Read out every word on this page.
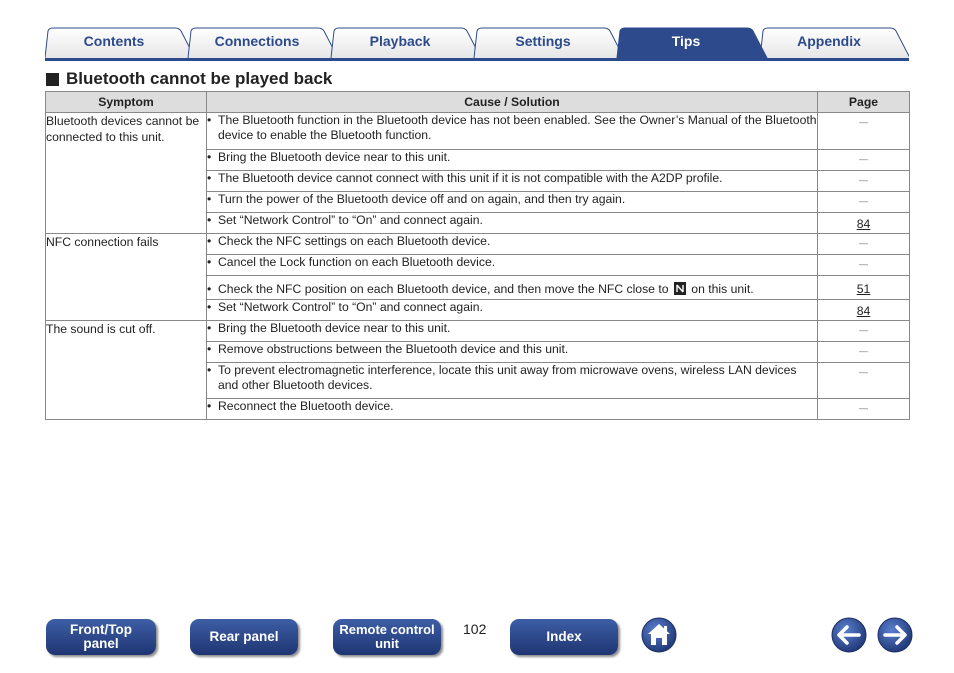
Contents	Connections	Playback	Settings	Tips	Appendix
Bluetooth cannot be played back
Symptom	Cause / Solution	Page
Bluetooth devices cannot be connected to this unit.	• The Bluetooth function in the Bluetooth device has not been enabled. See the Owner’s Manual of the Bluetooth device to enable the Bluetooth function.	—

	• Bring the Bluetooth device near to this unit.	—

	• The Bluetooth device cannot connect with this unit if it is not compatible with the A2DP profile.	—

	• Turn the power of the Bluetooth device off and on again, and then try again.	—

	• Set “Network Control” to “On” and connect again.	84
NFC connection fails	• Check the NFC settings on each Bluetooth device.	—

	• Cancel the Lock function on each Bluetooth device.	—

	• Check the NFC position on each Bluetooth device, and then move the NFC close to on this unit.	51

	• Set “Network Control” to “On” and connect again.	84
The sound is cut off.	• Bring the Bluetooth device near to this unit.	—

	• Remove obstructions between the Bluetooth device and this unit.	—

	• To prevent electromagnetic interference, locate this unit away from microwave ovens, wireless LAN devices and other Bluetooth devices.	—

	• Reconnect the Bluetooth device.	—
Front/Top
panel	Rear panel	Remote control
unit
102	Index
